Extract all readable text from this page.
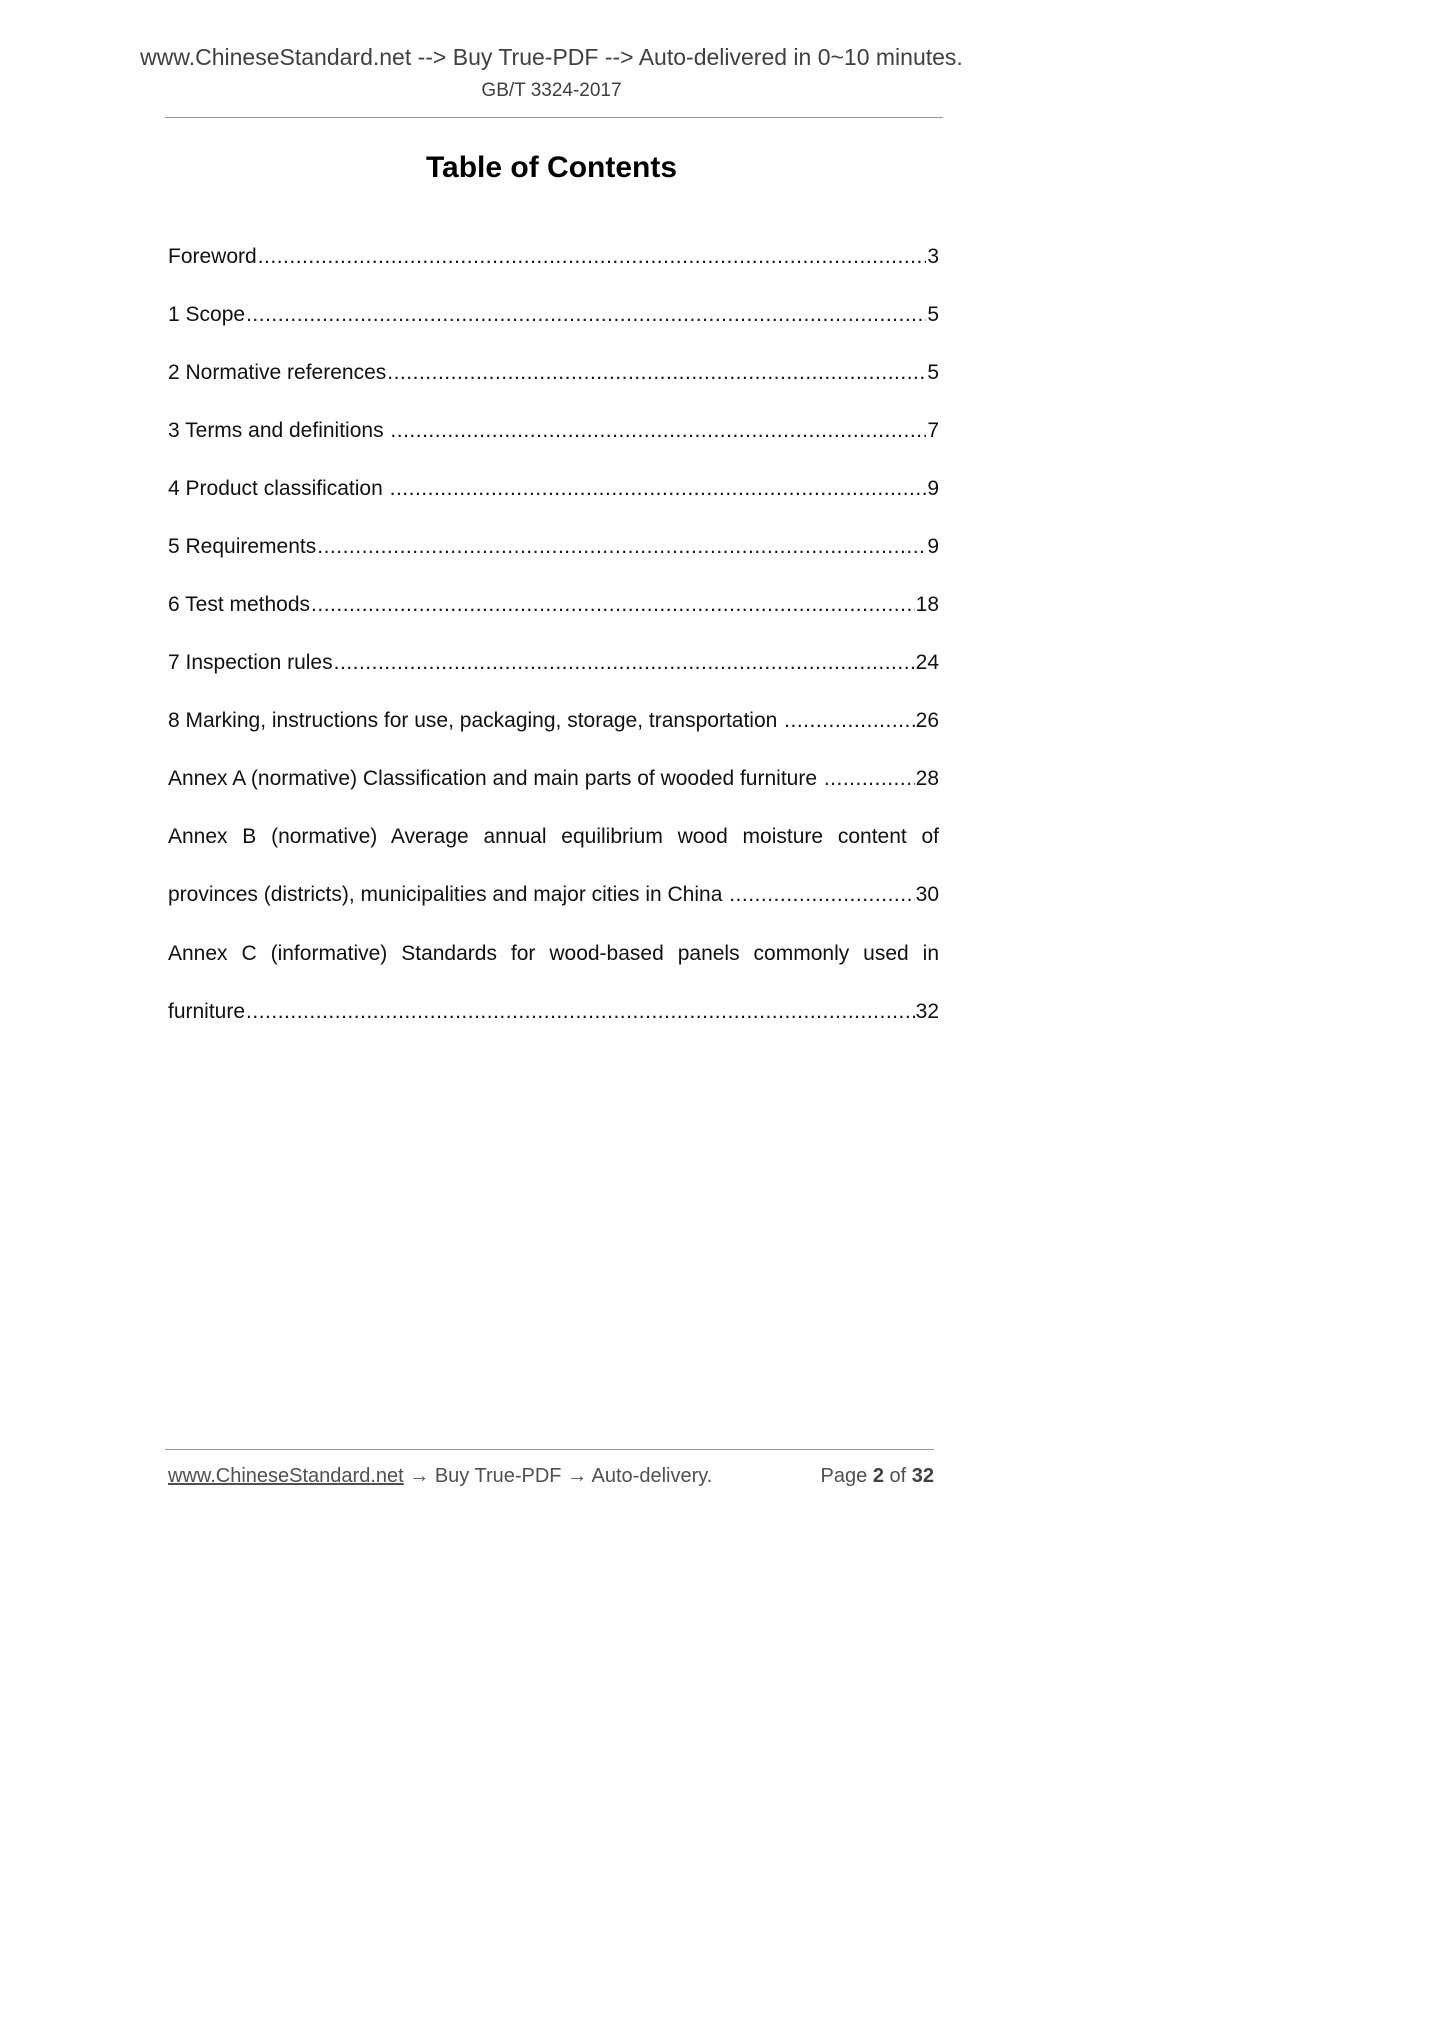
www.ChineseStandard.net --> Buy True-PDF --> Auto-delivered in 0~10 minutes.
GB/T 3324-2017
Table of Contents
Foreword .....	3
1 Scope .....	5
2 Normative references .....	5
3 Terms and definitions .....	7
4 Product classification .....	9
5 Requirements .....	9
6 Test methods .....	18
7 Inspection rules .....	24
8 Marking, instructions for use, packaging, storage, transportation .....	26
Annex A (normative) Classification and main parts of wooded furniture .....	28
Annex B (normative) Average annual equilibrium wood moisture content of
provinces (districts), municipalities and major cities in China .....	30
Annex C (informative) Standards for wood-based panels commonly used in
furniture .....	32
www.ChineseStandard.net → Buy True-PDF → Auto-delivery.	Page 2 of 32
